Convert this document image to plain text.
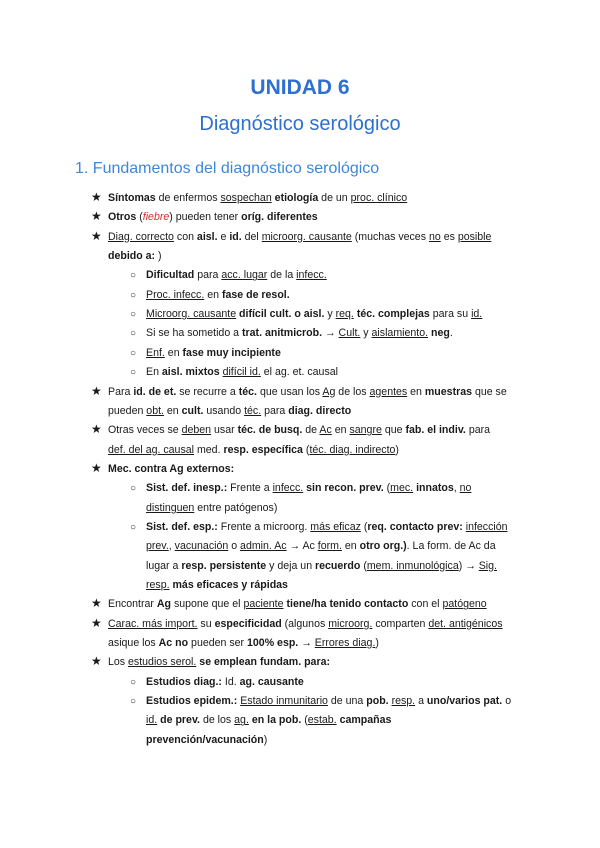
UNIDAD 6
Diagnóstico serológico
1. Fundamentos del diagnóstico serológico
★ Síntomas de enfermos sospechan etiología de un proc. clínico
★ Otros (fiebre) pueden tener oríg. diferentes
★ Diag. correcto con aisl. e id. del microorg. causante (muchas veces no es posible
debido a: )
○ Dificultad para acc. lugar de la infecc.
○ Proc. infecc. en fase de resol.
○ Microorg. causante difícil cult. o aisl. y req. téc. complejas para su id.
○ Si se ha sometido a trat. anitmicrob. → Cult. y aislamiento. neg.
○ Enf. en fase muy incipiente
○ En aisl. mixtos difícil id. el ag. et. causal
★ Para id. de et. se recurre a téc. que usan los Ag de los agentes en muestras que se
pueden obt. en cult. usando téc. para diag. directo
★ Otras veces se deben usar téc. de busq. de Ac en sangre que fab. el indiv. para
def. del ag. causal med. resp. específica (téc. diag. indirecto)
★ Mec. contra Ag externos:
○ Sist. def. inesp.: Frente a infecc. sin recon. prev. (mec. innatos, no
distinguen entre patógenos)
○ Sist. def. esp.: Frente a microorg. más eficaz (req. contacto prev: infección
prev., vacunación o admin. Ac → Ac form. en otro org.). La form. de Ac da
lugar a resp. persistente y deja un recuerdo (mem. inmunológica) → Sig.
resp. más eficaces y rápidas
★ Encontrar Ag supone que el paciente tiene/ha tenido contacto con el patógeno
★ Carac. más import. su especificidad (algunos microorg. comparten det. antigénicos
asique los Ac no pueden ser 100% esp. → Errores diag.)
★ Los estudios serol. se emplean fundam. para:
○ Estudios diag.: Id. ag. causante
○ Estudios epidem.: Estado inmunitario de una pob. resp. a uno/varios pat. o
id. de prev. de los ag. en la pob. (estab. campañas
prevención/vacunación)
